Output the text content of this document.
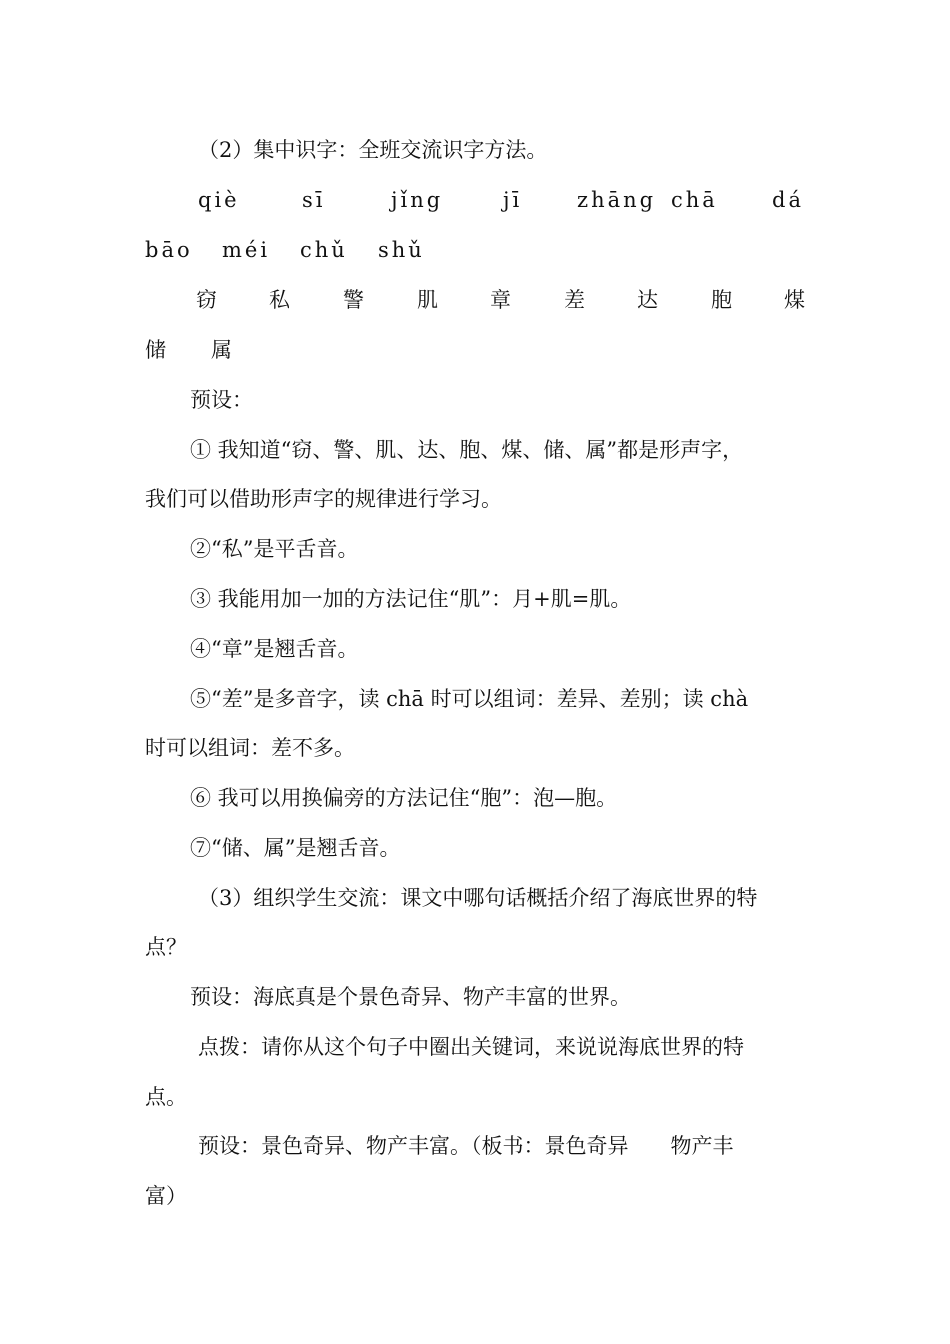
（2）集中识字：全班交流识字方法。
qiè	sī	jǐng	jī	zhāng chā	dá
bāo méi chǔ shǔ
窃 私	警	肌 章	差 达	胞 煤
储 属
预设：
① 我知道“窃、警、肌、达、胞、煤、储、属”都是形声字，
我们可以借助形声字的规律进行学习。
②“私”是平舌音。
③ 我能用加一加的方法记住“肌”：月+肌=肌。
④“章”是翘舌音。
⑤“差”是多音字，读 chā 时可以组词：差异、差别；读 chà
时可以组词：差不多。
⑥ 我可以用换偏旁的方法记住“胞”：泡—胞。
⑦“储、属”是翘舌音。
（3）组织学生交流：课文中哪句话概括介绍了海底世界的特
点？
预设：海底真是个景色奇异、物产丰富的世界。
点拨：请你从这个句子中圈出关键词，来说说海底世界的特
点。
预设：景色奇异、物产丰富。（板书：景色奇异　　物产丰
富）
